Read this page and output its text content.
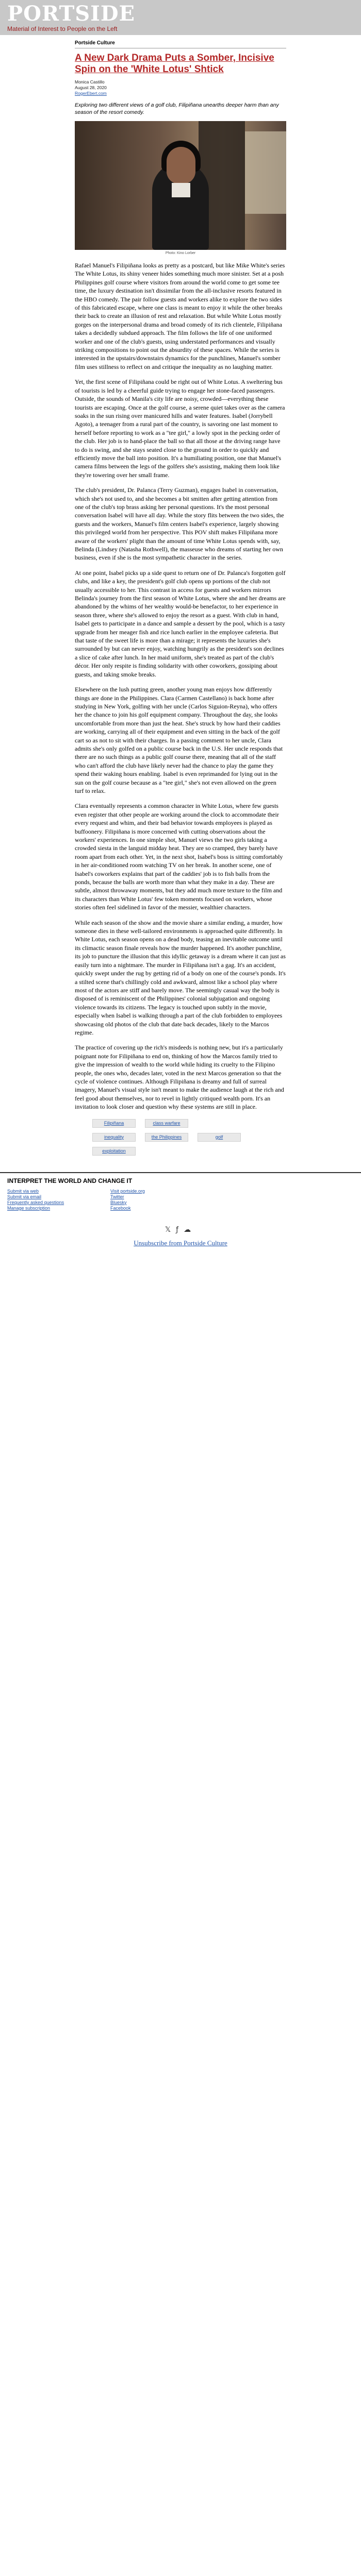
PORTSIDE
Material of Interest to People on the Left
Portside Culture
A New Dark Drama Puts a Somber, Incisive Spin on the 'White Lotus' Shtick
Monica Castillo
August 28, 2020
RogerEbert.com
Exploring two different views of a golf club, Filipiñana unearths deeper harm than any season of the resort comedy.
Photo: Kino Lorber

Rafael Manuel's Filipiñana looks as pretty as a postcard, but like Mike White's series The White Lotus, its shiny veneer hides something much more sinister. Set at a posh Philippines golf course where visitors from around the world come to get some tee time, the luxury destination isn't dissimilar from the all-inclusive resorts featured in the HBO comedy. The pair follow guests and workers alike to explore the two sides of this fabricated escape, where one class is meant to enjoy it while the other breaks their back to create an illusion of rest and relaxation. But while White Lotus mostly gorges on the interpersonal drama and broad comedy of its rich clientele, Filipiñana takes a decidedly subdued approach. The film follows the life of one uniformed worker and one of the club's guests, using understated performances and visually striking compositions to point out the absurdity of these spaces. While the series is interested in the upstairs/downstairs dynamics for the punchlines, Manuel's somber film uses stillness to reflect on and critique the inequality as no laughing matter.

Yet, the first scene of Filipiñana could be right out of White Lotus. A sweltering bus of tourists is led by a cheerful guide trying to engage her stone-faced passengers. Outside, the sounds of Manila's city life are noisy, crowded—everything these tourists are escaping. Once at the golf course, a serene quiet takes over as the camera soaks in the sun rising over manicured hills and water features. Isabel (Jorrybell Agoto), a teenager from a rural part of the country, is savoring one last moment to herself before reporting to work as a "tee girl," a lowly spot in the pecking order of the club. Her job is to hand-place the ball so that all those at the driving range have to do is swing, and she stays seated close to the ground in order to quickly and efficiently move the ball into position. It's a humiliating position, one that Manuel's camera films between the legs of the golfers she's assisting, making them look like they're towering over her small frame.

The club's president, Dr. Palanca (Terry Guzman), engages Isabel in conversation, which she's not used to, and she becomes a bit smitten after getting attention from one of the club's top brass asking her personal questions. It's the most personal conversation Isabel will have all day. While the story flits between the two sides, the guests and the workers, Manuel's film centers Isabel's experience, largely showing this privileged world from her perspective. This POV shift makes Filipiñana more aware of the workers' plight than the amount of time White Lotus spends with, say, Belinda (Lindsey (Natasha Rothwell), the masseuse who dreams of starting her own business, even if she is the most sympathetic character in the series.

At one point, Isabel picks up a side quest to return one of Dr. Palanca's forgotten golf clubs, and like a key, the president's golf club opens up portions of the club not usually accessible to her. This contrast in access for guests and workers mirrors Belinda's journey from the first season of White Lotus, where she and her dreams are abandoned by the whims of her wealthy would-be benefactor, to her experience in season three, where she's allowed to enjoy the resort as a guest. With club in hand, Isabel gets to participate in a dance and sample a dessert by the pool, which is a tasty upgrade from her meager fish and rice lunch earlier in the employee cafeteria. But that taste of the sweet life is more than a mirage; it represents the luxuries she's surrounded by but can never enjoy, watching hungrily as the president's son declines a slice of cake after lunch. In her maid uniform, she's treated as part of the club's décor. Her only respite is finding solidarity with other coworkers, gossiping about guests, and taking smoke breaks.

Elsewhere on the lush putting green, another young man enjoys how differently things are done in the Philippines. Clara (Carmen Castellano) is back home after studying in New York, golfing with her uncle (Carlos Siguion-Reyna), who offers her the chance to join his golf equipment company. Throughout the day, she looks uncomfortable from more than just the heat. She's struck by how hard their caddies are working, carrying all of their equipment and even sitting in the back of the golf cart so as not to sit with their charges. In a passing comment to her uncle, Clara admits she's only golfed on a public course back in the U.S. Her uncle responds that there are no such things as a public golf course there, meaning that all of the staff who can't afford the club have likely never had the chance to play the game they spend their waking hours enabling. Isabel is even reprimanded for lying out in the sun on the golf course because as a "tee girl," she's not even allowed on the green turf to relax.

Clara eventually represents a common character in White Lotus, where few guests even register that other people are working around the clock to accommodate their every request and whim, and their bad behavior towards employees is played as buffoonery. Filipiñana is more concerned with cutting observations about the workers' experiences. In one simple shot, Manuel views the two girls taking a crowded siesta in the languid midday heat. They are so cramped, they barely have room apart from each other. Yet, in the next shot, Isabel's boss is sitting comfortably in her air-conditioned room watching TV on her break. In another scene, one of Isabel's coworkers explains that part of the caddies' job is to fish balls from the ponds, because the balls are worth more than what they make in a day. These are subtle, almost throwaway moments, but they add much more texture to the film and its characters than White Lotus' few token moments focused on workers, whose stories often feel sidelined in favor of the messier, wealthier characters.

While each season of the show and the movie share a similar ending, a murder, how someone dies in these well-tailored environments is approached quite differently. In White Lotus, each season opens on a dead body, teasing an inevitable outcome until its climactic season finale reveals how the murder happened. It's another punchline, its job to puncture the illusion that this idyllic getaway is a dream where it can just as easily turn into a nightmare. The murder in Filipiñana isn't a gag. It's an accident, quickly swept under the rug by getting rid of a body on one of the course's ponds. It's a stilted scene that's chillingly cold and awkward, almost like a school play where most of the actors are stiff and barely move. The seemingly casual way the body is disposed of is reminiscent of the Philippines' colonial subjugation and ongoing violence towards its citizens. The legacy is touched upon subtly in the movie, especially when Isabel is walking through a part of the club forbidden to employees showcasing old photos of the club that date back decades, likely to the Marcos regime.

The practice of covering up the rich's misdeeds is nothing new, but it's a particularly poignant note for Filipiñana to end on, thinking of how the Marcos family tried to give the impression of wealth to the world while hiding its cruelty to the Filipino people, the ones who, decades later, voted in the next Marcos generation so that the cycle of violence continues. Although Filipiñana is dreamy and full of surreal imagery, Manuel's visual style isn't meant to make the audience laugh at the rich and feel good about themselves, nor to revel in lightly critiqued wealth porn. It's an invitation to look closer and question why these systems are still in place.

Filipiñana	class warfare
inequality	the Philippines	golf
exploitation
INTERPRET THE WORLD AND CHANGE IT
Submit via web
Submit via email
Frequently asked questions
Manage subscription
Visit portside.org
Twitter
Bluesky
Facebook
𝕏ƒ☁
Unsubscribe from Portside Culture
